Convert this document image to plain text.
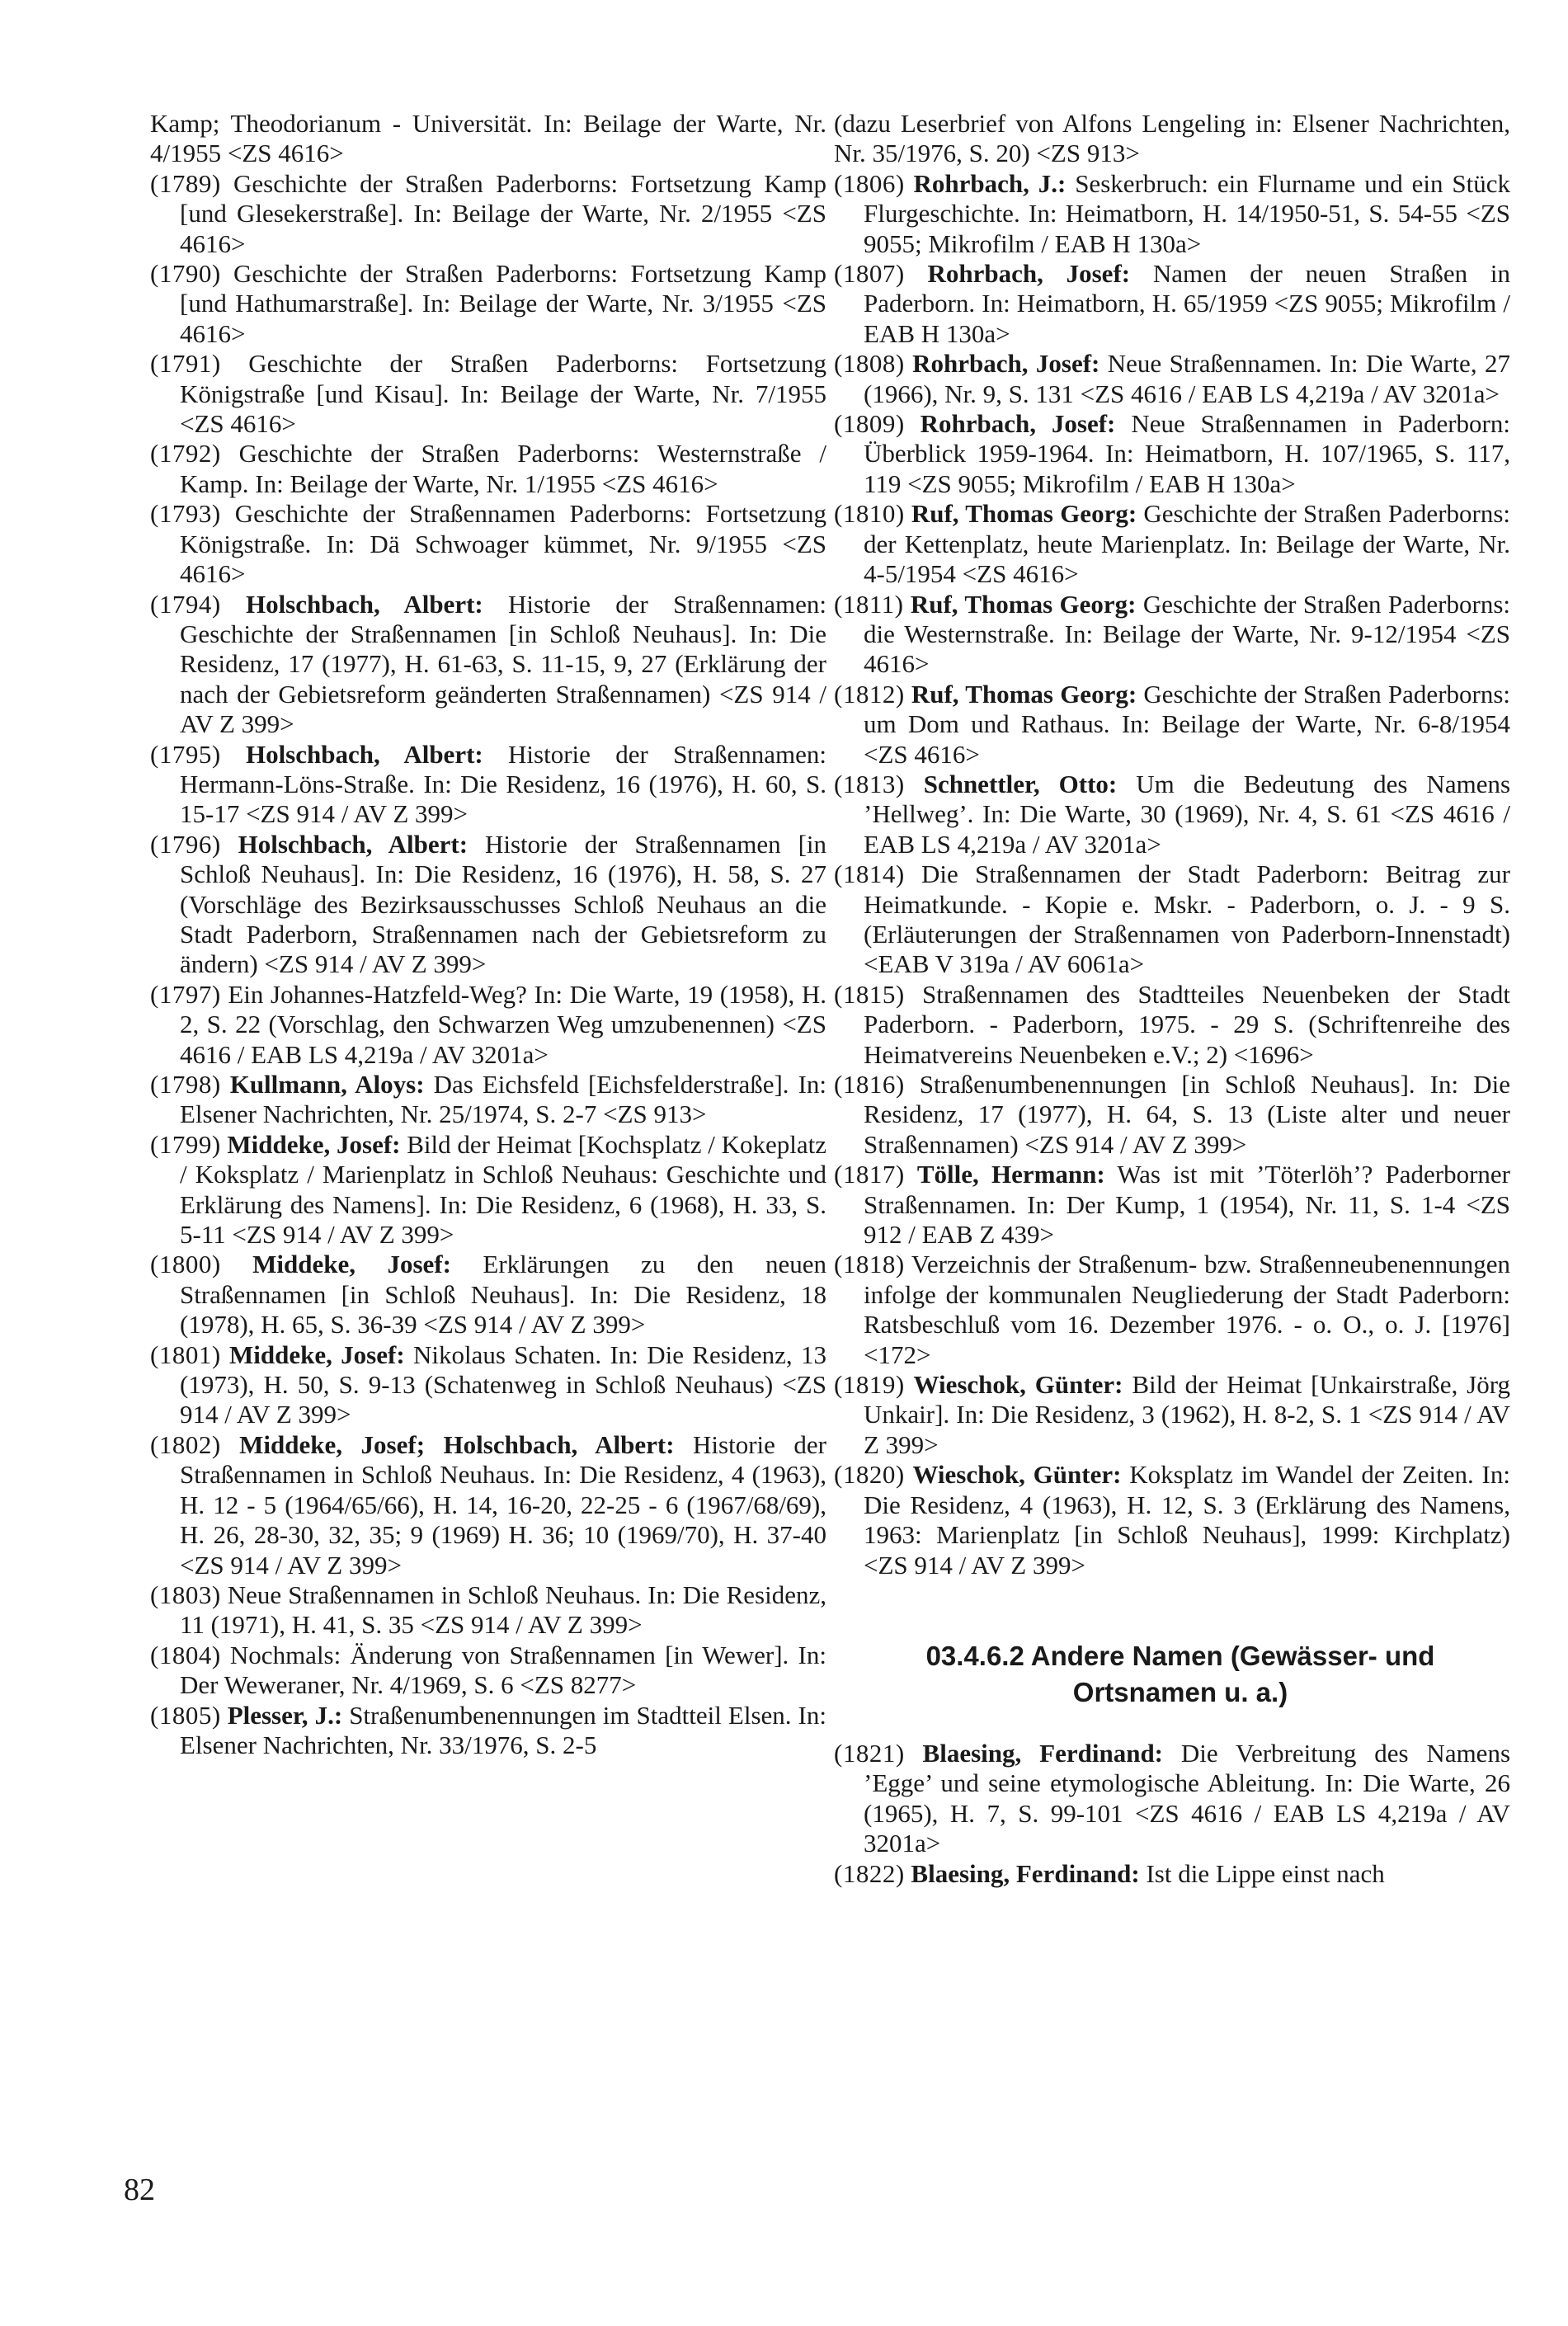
Kamp; Theodorianum - Universität. In: Beilage der Warte, Nr. 4/1955 <ZS 4616>

(1789) Geschichte der Straßen Paderborns: Fortsetzung Kamp [und Glesekerstraße]. In: Beilage der Warte, Nr. 2/1955 <ZS 4616>

(1790) Geschichte der Straßen Paderborns: Fortsetzung Kamp [und Hathumarstraße]. In: Beilage der Warte, Nr. 3/1955 <ZS 4616>

(1791) Geschichte der Straßen Paderborns: Fortsetzung Königstraße [und Kisau]. In: Beilage der Warte, Nr. 7/1955 <ZS 4616>

(1792) Geschichte der Straßen Paderborns: Westernstraße / Kamp. In: Beilage der Warte, Nr. 1/1955 <ZS 4616>

(1793) Geschichte der Straßennamen Paderborns: Fortsetzung Königstraße. In: Dä Schwoager kümmet, Nr. 9/1955 <ZS 4616>

(1794) Holschbach, Albert: Historie der Straßennamen: Geschichte der Straßennamen [in Schloß Neuhaus]. In: Die Residenz, 17 (1977), H. 61-63, S. 11-15, 9, 27 (Erklärung der nach der Gebietsreform geänderten Straßennamen) <ZS 914 / AV Z 399>

(1795) Holschbach, Albert: Historie der Straßennamen: Hermann-Löns-Straße. In: Die Residenz, 16 (1976), H. 60, S. 15-17 <ZS 914 / AV Z 399>

(1796) Holschbach, Albert: Historie der Straßennamen [in Schloß Neuhaus]. In: Die Residenz, 16 (1976), H. 58, S. 27 (Vorschläge des Bezirksausschusses Schloß Neuhaus an die Stadt Paderborn, Straßennamen nach der Gebietsreform zu ändern) <ZS 914 / AV Z 399>

(1797) Ein Johannes-Hatzfeld-Weg? In: Die Warte, 19 (1958), H. 2, S. 22 (Vorschlag, den Schwarzen Weg umzubenennen) <ZS 4616 / EAB LS 4,219a / AV 3201a>

(1798) Kullmann, Aloys: Das Eichsfeld [Eichsfelderstraße]. In: Elsener Nachrichten, Nr. 25/1974, S. 2-7 <ZS 913>

(1799) Middeke, Josef: Bild der Heimat [Kochsplatz / Kokeplatz / Koksplatz / Marienplatz in Schloß Neuhaus: Geschichte und Erklärung des Namens]. In: Die Residenz, 6 (1968), H. 33, S. 5-11 <ZS 914 / AV Z 399>

(1800) Middeke, Josef: Erklärungen zu den neuen Straßennamen [in Schloß Neuhaus]. In: Die Residenz, 18 (1978), H. 65, S. 36-39 <ZS 914 / AV Z 399>

(1801) Middeke, Josef: Nikolaus Schaten. In: Die Residenz, 13 (1973), H. 50, S. 9-13 (Schatenweg in Schloß Neuhaus) <ZS 914 / AV Z 399>

(1802) Middeke, Josef; Holschbach, Albert: Historie der Straßennamen in Schloß Neuhaus. In: Die Residenz, 4 (1963), H. 12 - 5 (1964/65/66), H. 14, 16-20, 22-25 - 6 (1967/68/69), H. 26, 28-30, 32, 35; 9 (1969) H. 36; 10 (1969/70), H. 37-40 <ZS 914 / AV Z 399>

(1803) Neue Straßennamen in Schloß Neuhaus. In: Die Residenz, 11 (1971), H. 41, S. 35 <ZS 914 / AV Z 399>

(1804) Nochmals: Änderung von Straßennamen [in Wewer]. In: Der Weweraner, Nr. 4/1969, S. 6 <ZS 8277>

(1805) Plesser, J.: Straßenumbenennungen im Stadtteil Elsen. In: Elsener Nachrichten, Nr. 33/1976, S. 2-5

(dazu Leserbrief von Alfons Lengeling in: Elsener Nachrichten, Nr. 35/1976, S. 20) <ZS 913>

(1806) Rohrbach, J.: Seskerbruch: ein Flurname und ein Stück Flurgeschichte. In: Heimatborn, H. 14/1950-51, S. 54-55 <ZS 9055; Mikrofilm / EAB H 130a>

(1807) Rohrbach, Josef: Namen der neuen Straßen in Paderborn. In: Heimatborn, H. 65/1959 <ZS 9055; Mikrofilm / EAB H 130a>

(1808) Rohrbach, Josef: Neue Straßennamen. In: Die Warte, 27 (1966), Nr. 9, S. 131 <ZS 4616 / EAB LS 4,219a / AV 3201a>

(1809) Rohrbach, Josef: Neue Straßennamen in Paderborn: Überblick 1959-1964. In: Heimatborn, H. 107/1965, S. 117, 119 <ZS 9055; Mikrofilm / EAB H 130a>

(1810) Ruf, Thomas Georg: Geschichte der Straßen Paderborns: der Kettenplatz, heute Marienplatz. In: Beilage der Warte, Nr. 4-5/1954 <ZS 4616>

(1811) Ruf, Thomas Georg: Geschichte der Straßen Paderborns: die Westernstraße. In: Beilage der Warte, Nr. 9-12/1954 <ZS 4616>

(1812) Ruf, Thomas Georg: Geschichte der Straßen Paderborns: um Dom und Rathaus. In: Beilage der Warte, Nr. 6-8/1954 <ZS 4616>

(1813) Schnettler, Otto: Um die Bedeutung des Namens ’Hellweg’. In: Die Warte, 30 (1969), Nr. 4, S. 61 <ZS 4616 / EAB LS 4,219a / AV 3201a>

(1814) Die Straßennamen der Stadt Paderborn: Beitrag zur Heimatkunde. - Kopie e. Mskr. - Paderborn, o. J. - 9 S. (Erläuterungen der Straßennamen von Paderborn-Innenstadt) <EAB V 319a / AV 6061a>

(1815) Straßennamen des Stadtteiles Neuenbeken der Stadt Paderborn. - Paderborn, 1975. - 29 S. (Schriftenreihe des Heimatvereins Neuenbeken e.V.; 2) <1696>

(1816) Straßenumbenennungen [in Schloß Neuhaus]. In: Die Residenz, 17 (1977), H. 64, S. 13 (Liste alter und neuer Straßennamen) <ZS 914 / AV Z 399>

(1817) Tölle, Hermann: Was ist mit ’Töterlöh’? Paderborner Straßennamen. In: Der Kump, 1 (1954), Nr. 11, S. 1-4 <ZS 912 / EAB Z 439>

(1818) Verzeichnis der Straßenum- bzw. Straßenneubenennungen infolge der kommunalen Neugliederung der Stadt Paderborn: Ratsbeschluß vom 16. Dezember 1976. - o. O., o. J. [1976] <172>

(1819) Wieschok, Günter: Bild der Heimat [Unkairstraße, Jörg Unkair]. In: Die Residenz, 3 (1962), H. 8-2, S. 1 <ZS 914 / AV Z 399>

(1820) Wieschok, Günter: Koksplatz im Wandel der Zeiten. In: Die Residenz, 4 (1963), H. 12, S. 3 (Erklärung des Namens, 1963: Marienplatz [in Schloß Neuhaus], 1999: Kirchplatz) <ZS 914 / AV Z 399>

03.4.6.2 Andere Namen (Gewässer- und
Ortsnamen u. a.)

(1821) Blaesing, Ferdinand: Die Verbreitung des Namens ’Egge’ und seine etymologische Ableitung. In: Die Warte, 26 (1965), H. 7, S. 99-101 <ZS 4616 / EAB LS 4,219a / AV 3201a>

(1822) Blaesing, Ferdinand: Ist die Lippe einst nach

82
